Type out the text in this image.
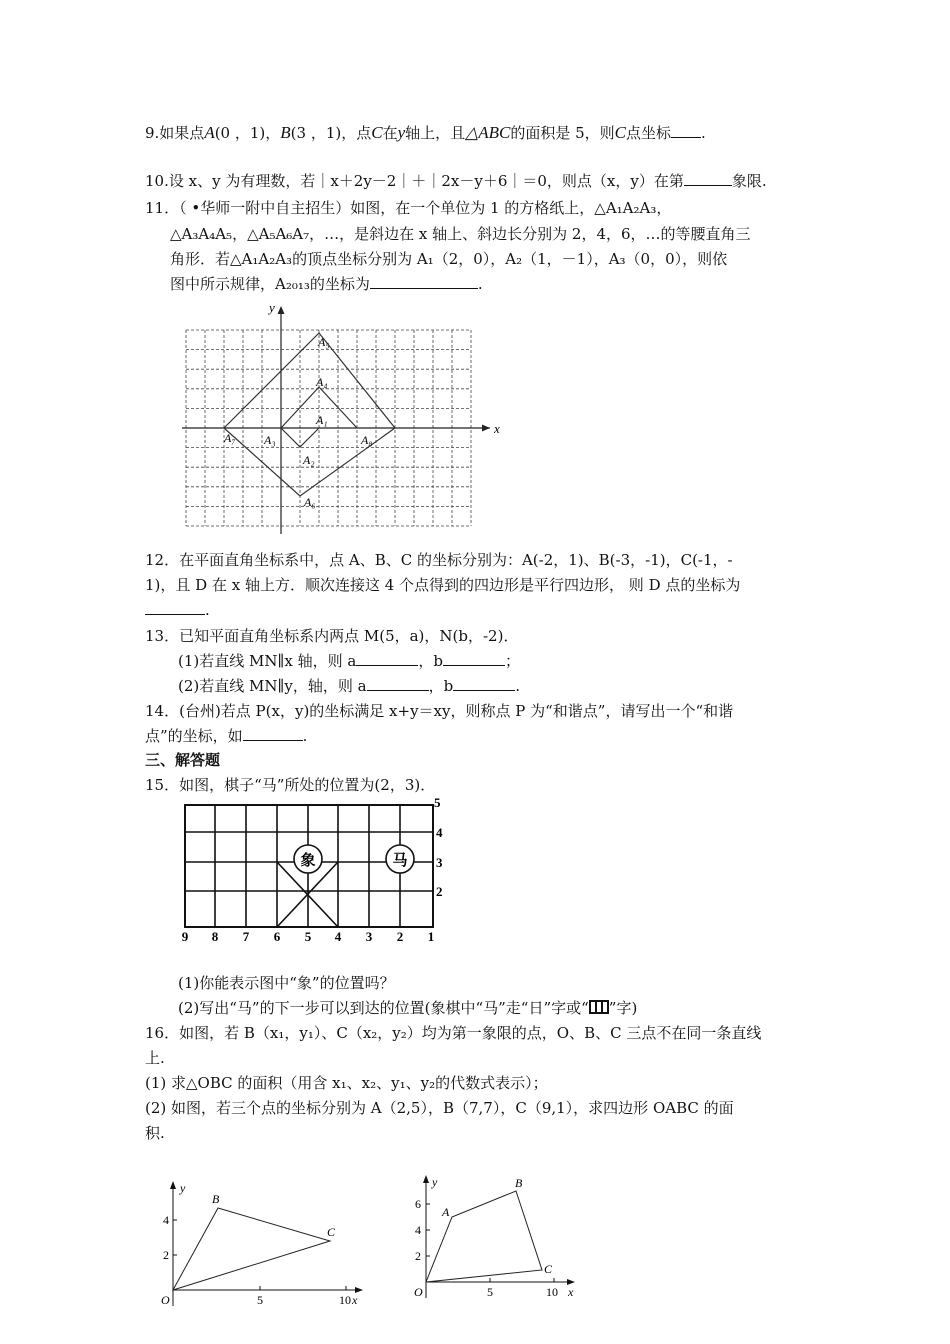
9.如果点A(0 ，1)，B(3 ，1)，点C在y轴上，且△ABC的面积是 5，则C点坐标 .
10.设 x、y 为有理数，若｜x＋2y－2｜＋｜2x－y＋6｜＝0，则点（x，y）在第	象限.
11．（ •华师一附中自主招生）如图，在一个单位为 1 的方格纸上，△A₁A₂A₃，
△A₃A₄A₅，△A₅A₆A₇，…，是斜边在 x 轴上、斜边长分别为 2，4，6，…的等腰直角三
角形．若△A₁A₂A₃的顶点坐标分别为 A₁（2，0），A₂（1，－1），A₃（0，0），则依
图中所示规律，A₂₀₁₃的坐标为	.
x
y
A₅
A₄
A₁
A₇ A₃
A₂
A₆
A₈
12．在平面直角坐标系中，点 A、B、C 的坐标分别为：A(-2，1)、B(-3，-1)，C(-1，-
1)，且 D 在 x 轴上方．顺次连接这 4 个点得到的四边形是平行四边形， 则 D 点的坐标为
.
13．已知平面直角坐标系内两点 M(5，a)，N(b，-2)．
(1)若直线 MN∥x 轴，则 a	，b	；
(2)若直线 MN∥y，轴，则 a	，b	.
14．(台州)若点 P(x，y)的坐标满足 x+y＝xy，则称点 P 为“和谐点”，请写出一个“和谐
点”的坐标，如	.
三、解答题
15．如图，棋子“马”所处的位置为(2，3)．
象	马
5
4
3
2
9 8 7 6 5 4 3 2 1
(1)你能表示图中“象”的位置吗？
(2)写出“马”的下一步可以到达的位置(象棋中“马”走“日”字或“ ”字)
16．如图，若 B（x₁，y₁）、C（x₂，y₂）均为第一象限的点，O、B、C 三点不在同一条直线
上.
(1) 求△OBC 的面积（用含 x₁、x₂、y₁、y₂的代数式表示）；
(2) 如图，若三个点的坐标分别为 A（2,5），B（7,7），C（9,1），求四边形 OABC 的面
积.
y
x
O
B
C
4
2
5	10
y
x
O
A
B
C
6
4
2
5	10
